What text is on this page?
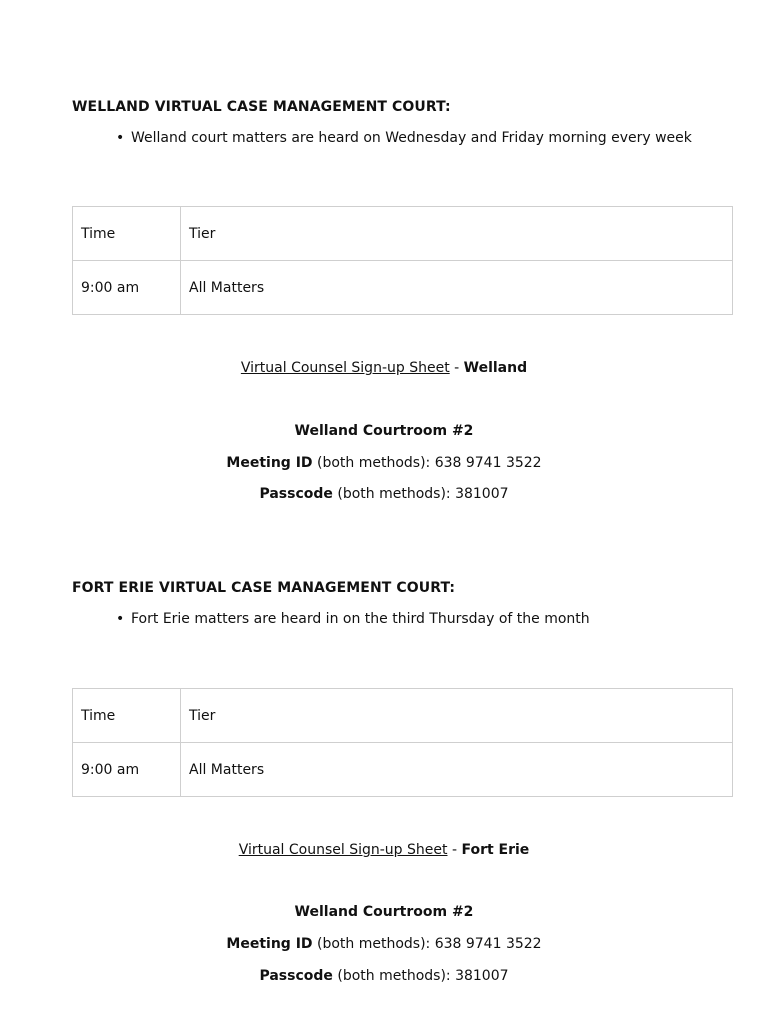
WELLAND VIRTUAL CASE MANAGEMENT COURT:
• Welland court matters are heard on Wednesday and Friday morning every week
Time	Tier
9:00 am	All Matters
Virtual Counsel Sign-up Sheet - Welland
Welland Courtroom #2
Meeting ID (both methods): 638 9741 3522
Passcode (both methods): 381007
FORT ERIE VIRTUAL CASE MANAGEMENT COURT:
• Fort Erie matters are heard in on the third Thursday of the month
Time	Tier
9:00 am	All Matters
Virtual Counsel Sign-up Sheet - Fort Erie
Welland Courtroom #2
Meeting ID (both methods): 638 9741 3522
Passcode (both methods): 381007
